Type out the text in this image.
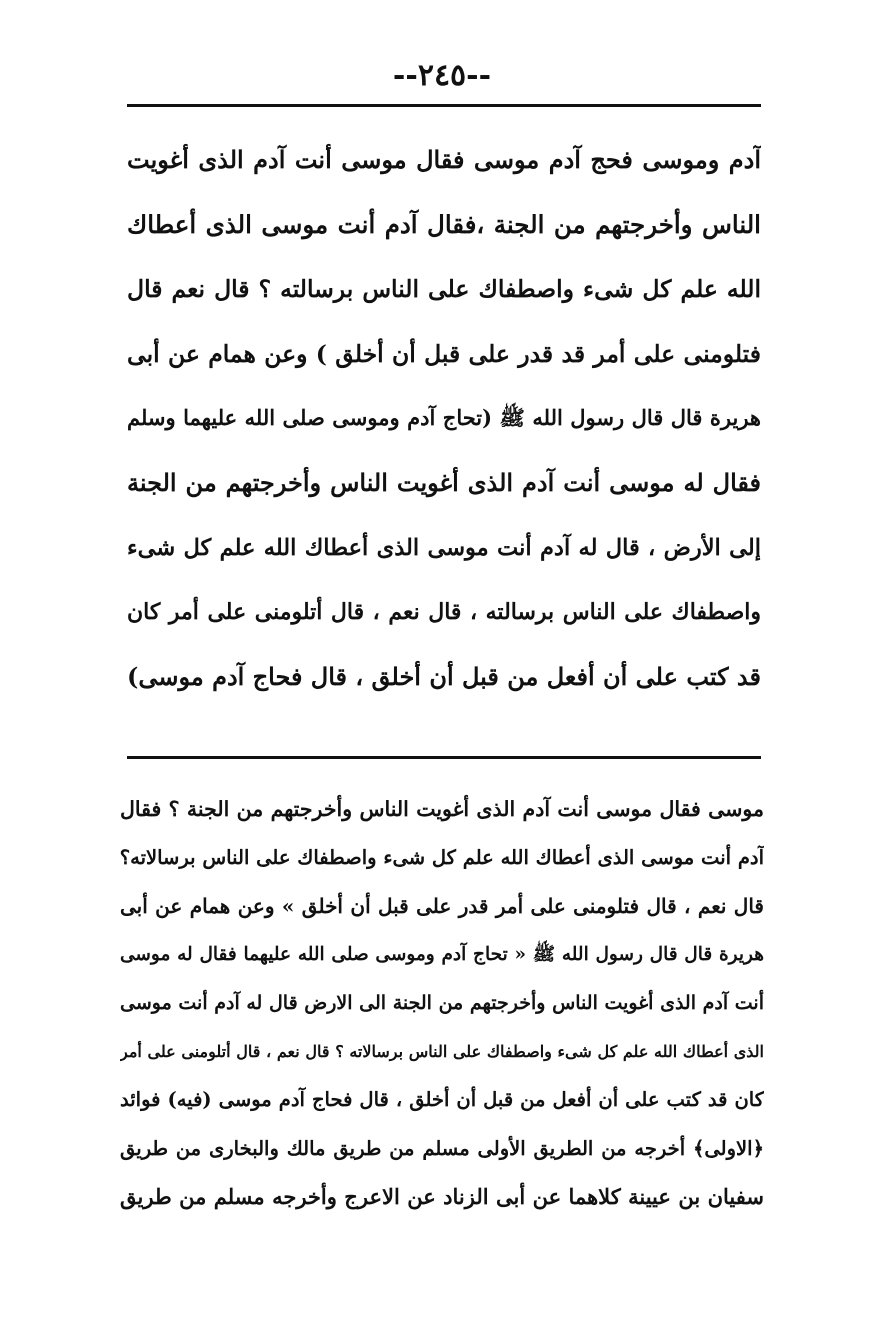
--٢٤٥--
آدم وموسى فحج آدم موسى فقال موسى أنت آدم الذى أغويت
الناس وأخرجتهم من الجنة ،فقال آدم أنت موسى الذى أعطاك
الله علم كل شىء واصطفاك على الناس برسالته ؟ قال نعم قال
فتلومنى على أمر قد قدر على قبل أن أخلق ) وعن همام عن أبى
هريرة قال قال رسول الله ﷺ (تحاج آدم وموسى صلى الله عليهما وسلم
فقال له موسى أنت آدم الذى أغويت الناس وأخرجتهم من الجنة
إلى الأرض ، قال له آدم أنت موسى الذى أعطاك الله علم كل شىء
واصطفاك على الناس برسالته ، قال نعم ، قال أتلومنى على أمر كان
قد كتب على أن أفعل من قبل أن أخلق ، قال فحاج آدم موسى)
موسى فقال موسى أنت آدم الذى أغويت الناس وأخرجتهم من الجنة ؟ فقال
آدم أنت موسى الذى أعطاك الله علم كل شىء واصطفاك على الناس برسالاته؟
قال نعم ، قال فتلومنى على أمر قدر على قبل أن أخلق » وعن همام عن أبى
هريرة قال قال رسول الله ﷺ « تحاج آدم وموسى صلى الله عليهما فقال له موسى
أنت آدم الذى أغويت الناس وأخرجتهم من الجنة الى الارض قال له آدم أنت موسى
الذى أعطاك الله علم كل شىء واصطفاك على الناس برسالاته ؟ قال نعم ، قال أتلومنى على أمر
كان قد كتب على أن أفعل من قبل أن أخلق ، قال فحاج آدم موسى (فيه) فوائد
﴿الاولى﴾ أخرجه من الطريق الأولى مسلم من طريق مالك والبخارى من طريق
سفيان بن عيينة كلاهما عن أبى الزناد عن الاعرج وأخرجه مسلم من طريق
